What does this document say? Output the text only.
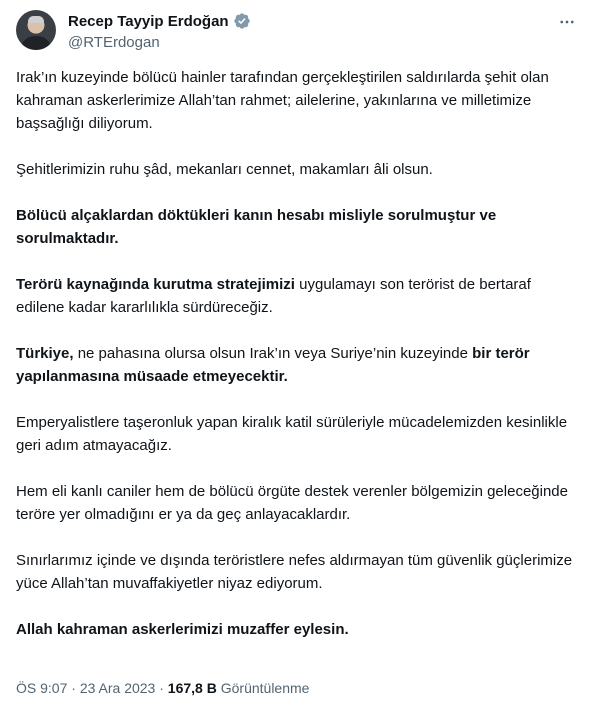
Recep Tayyip Erdoğan
@RTErdogan
Irak’ın kuzeyinde bölücü hainler tarafından gerçekleştirilen saldırılarda şehit olan kahraman askerlerimize Allah’tan rahmet; ailelerine, yakınlarına ve milletimize başsağlığı diliyorum.
Şehitlerimizin ruhu şâd, mekanları cennet, makamları âli olsun.
Bölücü alçaklardan döktükleri kanın hesabı misliyle sorulmuştur ve sorulmaktadır.
Terörü kaynağında kurutma stratejimizi uygulamayı son terörist de bertaraf edilene kadar kararlılıkla sürdüreceğiz.
Türkiye, ne pahasına olursa olsun Irak’ın veya Suriye’nin kuzeyinde bir terör yapılanmasına müsaade etmeyecektir.
Emperyalistlere taşeronluk yapan kiralık katil sürüleriyle mücadelemizden kesinlikle geri adım atmayacağız.
Hem eli kanlı caniler hem de bölücü örgüte destek verenler bölgemizin geleceğinde teröre yer olmadığını er ya da geç anlayacaklardır.
Sınırlarımız içinde ve dışında teröristlere nefes aldırmayan tüm güvenlik güçlerimize yüce Allah’tan muvaffakiyetler niyaz ediyorum.
Allah kahraman askerlerimizi muzaffer eylesin.
ÖS 9:07 · 23 Ara 2023 · 167,8 B Görüntülenme
